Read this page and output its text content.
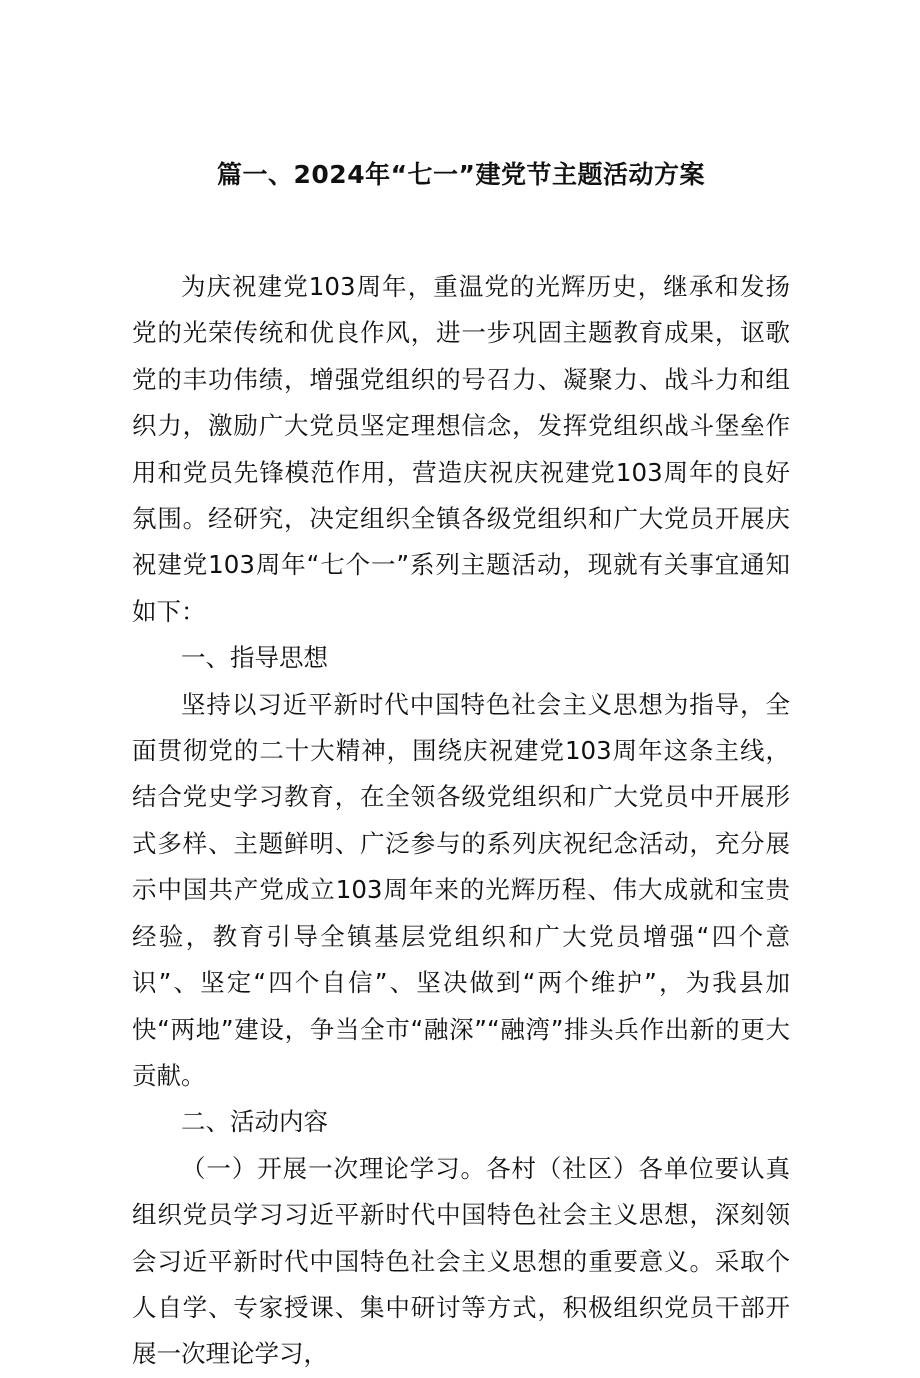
篇一、2024年“七一”建党节主题活动方案

为庆祝建党103周年，重温党的光辉历史，继承和发扬党的光荣传统和优良作风，进一步巩固主题教育成果，讴歌党的丰功伟绩，增强党组织的号召力、凝聚力、战斗力和组织力，激励广大党员坚定理想信念，发挥党组织战斗堡垒作用和党员先锋模范作用，营造庆祝庆祝建党103周年的良好氛围。经研究，决定组织全镇各级党组织和广大党员开展庆祝建党103周年“七个一”系列主题活动，现就有关事宜通知如下：

一、指导思想

坚持以习近平新时代中国特色社会主义思想为指导，全面贯彻党的二十大精神，围绕庆祝建党103周年这条主线，结合党史学习教育，在全领各级党组织和广大党员中开展形式多样、主题鲜明、广泛参与的系列庆祝纪念活动，充分展示中国共产党成立103周年来的光辉历程、伟大成就和宝贵经验，教育引导全镇基层党组织和广大党员增强“四个意识”、坚定“四个自信”、坚决做到“两个维护”，为我县加快“两地”建设，争当全市“融深”“融湾”排头兵作出新的更大贡献。

二、活动内容

（一）开展一次理论学习。各村（社区）各单位要认真组织党员学习习近平新时代中国特色社会主义思想，深刻领会习近平新时代中国特色社会主义思想的重要意义。采取个人自学、专家授课、集中研讨等方式，积极组织党员干部开展一次理论学习，
